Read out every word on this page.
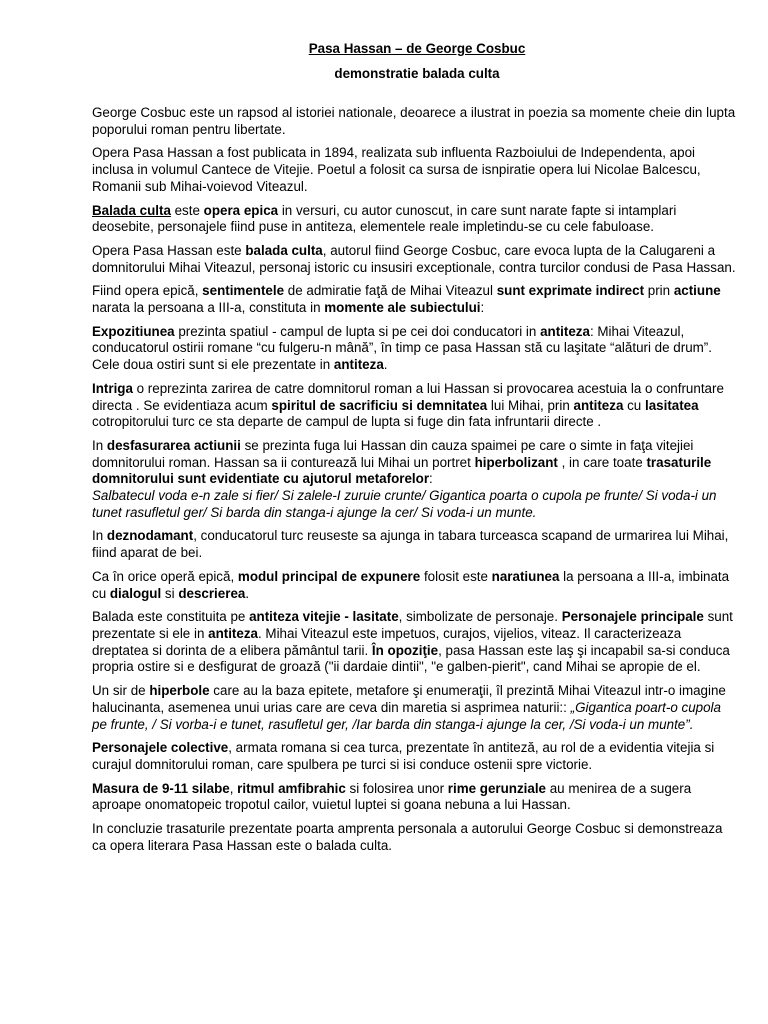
Pasa Hassan – de George Cosbuc
demonstratie balada culta

George Cosbuc este un rapsod al istoriei nationale, deoarece a ilustrat in poezia sa momente cheie din lupta poporului roman pentru libertate.

Opera Pasa Hassan a fost publicata in 1894, realizata sub influenta Razboiului de Independenta, apoi inclusa in volumul Cantece de Vitejie. Poetul a folosit ca sursa de isnpiratie opera lui Nicolae Balcescu, Romanii sub Mihai-voievod Viteazul.

Balada culta este opera epica in versuri, cu autor cunoscut, in care sunt narate fapte si intamplari deosebite, personajele fiind puse in antiteza, elementele reale impletindu-se cu cele fabuloase.

Opera Pasa Hassan este balada culta, autorul fiind George Cosbuc, care evoca lupta de la Calugareni a domnitorului Mihai Viteazul, personaj istoric cu insusiri exceptionale, contra turcilor condusi de Pasa Hassan.

Fiind opera epică, sentimentele de admiratie faţă de Mihai Viteazul sunt exprimate indirect prin actiune narata la persoana a III-a, constituta in momente ale subiectului:

Expozitiunea prezinta spatiul - campul de lupta si pe cei doi conducatori in antiteza: Mihai Viteazul, conducatorul ostirii romane “cu fulgeru-n mână”, în timp ce pasa Hassan stă cu laşitate “alături de drum”. Cele doua ostiri sunt si ele prezentate in antiteza.

Intriga o reprezinta zarirea de catre domnitorul roman a lui Hassan si provocarea acestuia la o confruntare directa . Se evidentiaza acum spiritul de sacrificiu si demnitatea lui Mihai, prin antiteza cu lasitatea cotropitorului turc ce sta departe de campul de lupta si fuge din fata infruntarii directe .

In desfasurarea actiunii se prezinta fuga lui Hassan din cauza spaimei pe care o simte in faţa vitejiei domnitorului roman. Hassan sa ii conturează lui Mihai un portret hiperbolizant , in care toate trasaturile domnitorului sunt evidentiate cu ajutorul metaforelor:
Salbatecul voda e-n zale si fier/ Si zalele-I zuruie crunte/ Gigantica poarta o cupola pe frunte/ Si voda-i un tunet rasufletul ger/ Si barda din stanga-i ajunge la cer/ Si voda-i un munte.

In deznodamant, conducatorul turc reuseste sa ajunga in tabara turceasca scapand de urmarirea lui Mihai, fiind aparat de bei.

Ca în orice operă epică, modul principal de expunere folosit este naratiunea la persoana a III-a, imbinata cu dialogul si descrierea.

Balada este constituita pe antiteza vitejie - lasitate, simbolizate de personaje. Personajele principale sunt prezentate si ele in antiteza. Mihai Viteazul este impetuos, curajos, vijelios, viteaz. Il caracterizeaza dreptatea si dorinta de a elibera pământul tarii. În opoziţie, pasa Hassan este laş şi incapabil sa-si conduca propria ostire si e desfigurat de groază ("ii dardaie dintii", "e galben-pierit", cand Mihai se apropie de el.

Un sir de hiperbole care au la baza epitete, metafore şi enumeraţii, îl prezintă Mihai Viteazul intr-o imagine halucinanta, asemenea unui urias care are ceva din maretia si asprimea naturii:: „Gigantica poart-o cupola pe frunte, / Si vorba-i e tunet, rasufletul ger, /Iar barda din stanga-i ajunge la cer, /Si voda-i un munte”.

Personajele colective, armata romana si cea turca, prezentate în antiteză, au rol de a evidentia vitejia si curajul domnitorului roman, care spulbera pe turci si isi conduce ostenii spre victorie.

Masura de 9-11 silabe, ritmul amfibrahic si folosirea unor rime gerunziale au menirea de a sugera aproape onomatopeic tropotul cailor, vuietul luptei si goana nebuna a lui Hassan.

In concluzie trasaturile prezentate poarta amprenta personala a autorului George Cosbuc si demonstreaza ca opera literara Pasa Hassan este o balada culta.
